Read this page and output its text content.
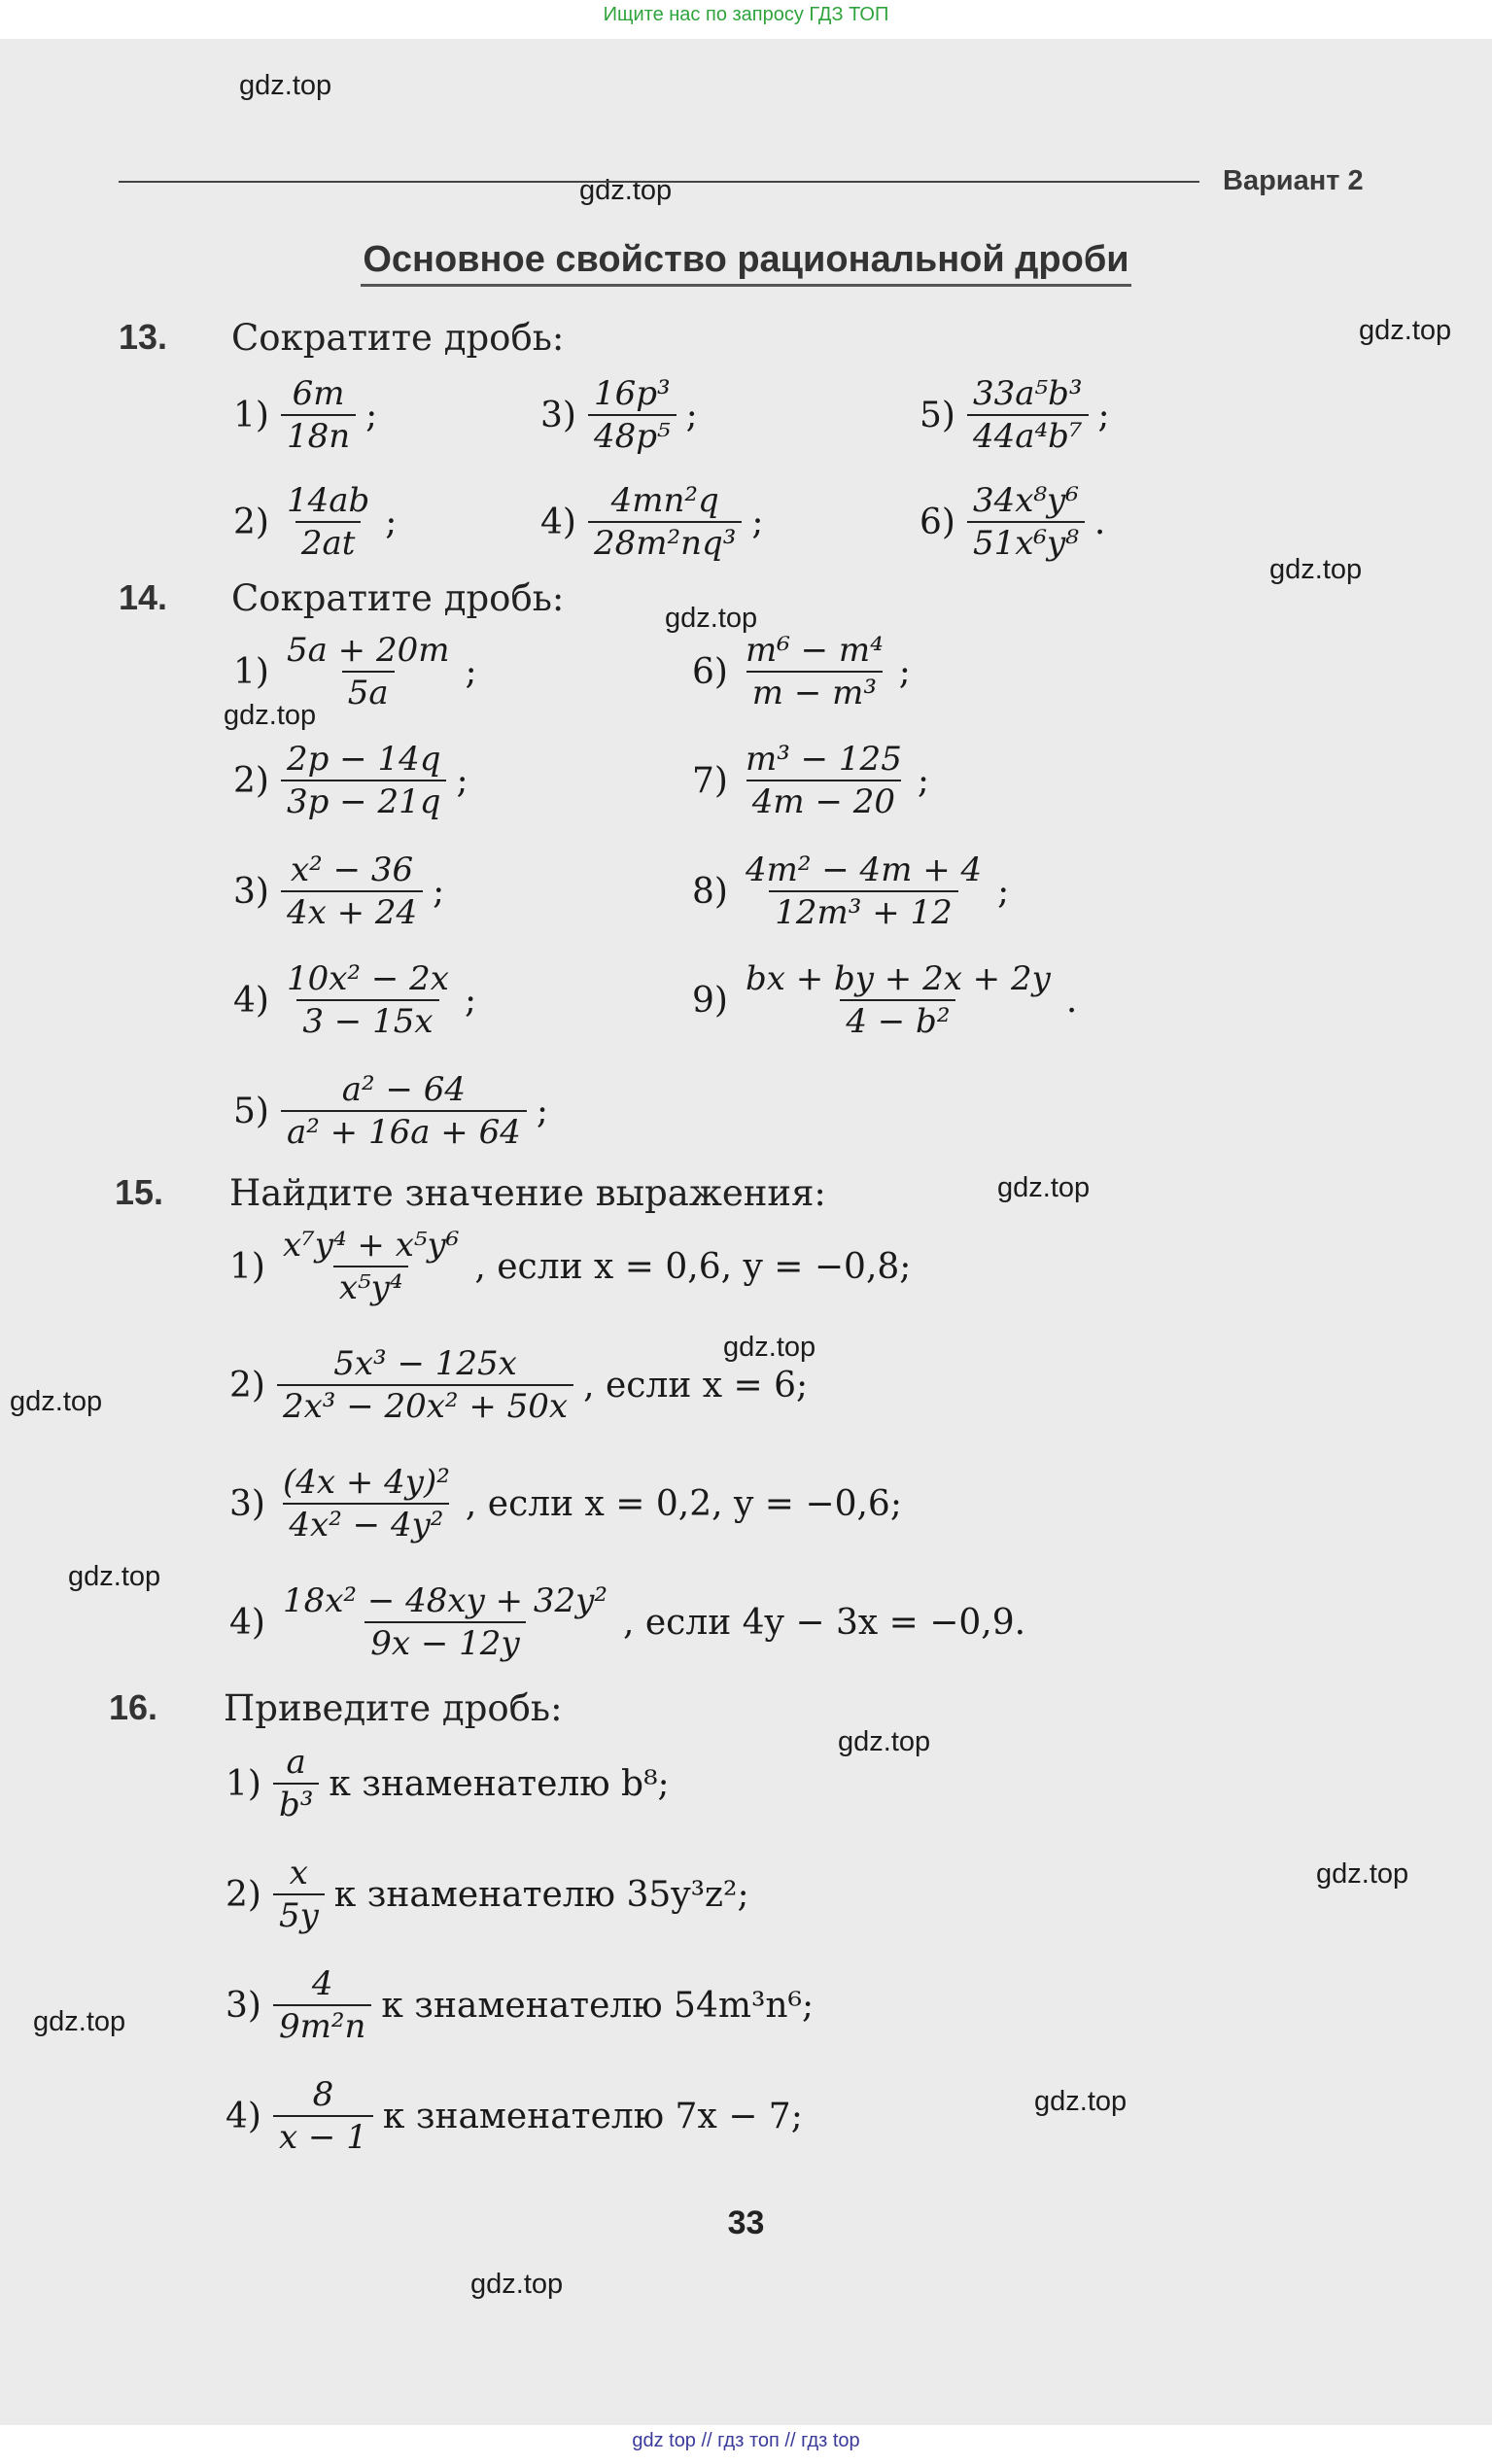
Ищите нас по запросу ГДЗ ТОП
gdz.top
gdz.top
gdz.top
gdz.top
gdz.top
gdz.top
gdz.top
gdz.top
gdz.top
gdz.top
gdz.top
gdz.top
gdz.top
gdz.top
gdz.top
Вариант 2
Основное свойство рациональной дроби
13. Сократите дробь:
$1) \frac{6m}{18n}$ ;
$2) \frac{14ab}{2at}$ ;
$3) \frac{\text{16p³}}{\text{48p⁵}}$ ;
$4) \frac{\text{4mn²q}}{\text{28m²nq³}}$ ;
$5) \frac{\text{33a⁵b³}}{\text{44a⁴b⁷}}$ ;
$6) \frac{\text{34x⁸y⁶}}{\text{51x⁶y⁸}}$ .
14. Сократите дробь:
$1) \frac{5a + 20m}{5a}$ ;
$2) \frac{2p - 14q}{3p - 21q}$ ;
$3) \frac{\text{x² − 36}}{4x + 24}$ ;
$4) \frac{\text{10x² − 2x}}{3 - 15x}$ ;
$5) \frac{\text{a² − 64}}{\text{a² + 16a + 64}}$ ;
$6) \frac{\text{m⁶ − m⁴}}{\text{m − m³}}$ ;
$7) \frac{\text{m³ − 125}}{4m - 20}$ ;
$8) \frac{\text{4m² − 4m + 4}}{\text{12m³ + 12}}$ ;
$9) \frac{bx + by + 2x + 2y}{\text{4 − b²}}$ .
15. Найдите значение выражения:
$1) \frac{\text{x⁷y⁴ + x⁵y⁶}}{\text{x⁵y⁴}}$ , если x = 0,6, y = −0,8;
$2) \frac{\text{5x³ − 125x}}{\text{2x³ − 20x² + 50x}}$ , если x = 6;
$3) \frac{\text{(4x + 4y)²}}{\text{4x² − 4y²}}$ , если x = 0,2, y = −0,6;
$4) \frac{\text{18x² − 48xy + 32y²}}{9x - 12y}$ , если 4y − 3x = −0,9.
16. Приведите дробь:
$1) \frac{a}{\text{b³}}$ к знаменателю b⁸;
$2) \frac{x}{5y}$ к знаменателю 35y³z²;
$3) \frac{4}{\text{9m²n}}$ к знаменателю 54m³n⁶;
$4) \frac{8}{x - 1}$ к знаменателю 7x − 7;
33
gdz top // гдз топ // гдз top
